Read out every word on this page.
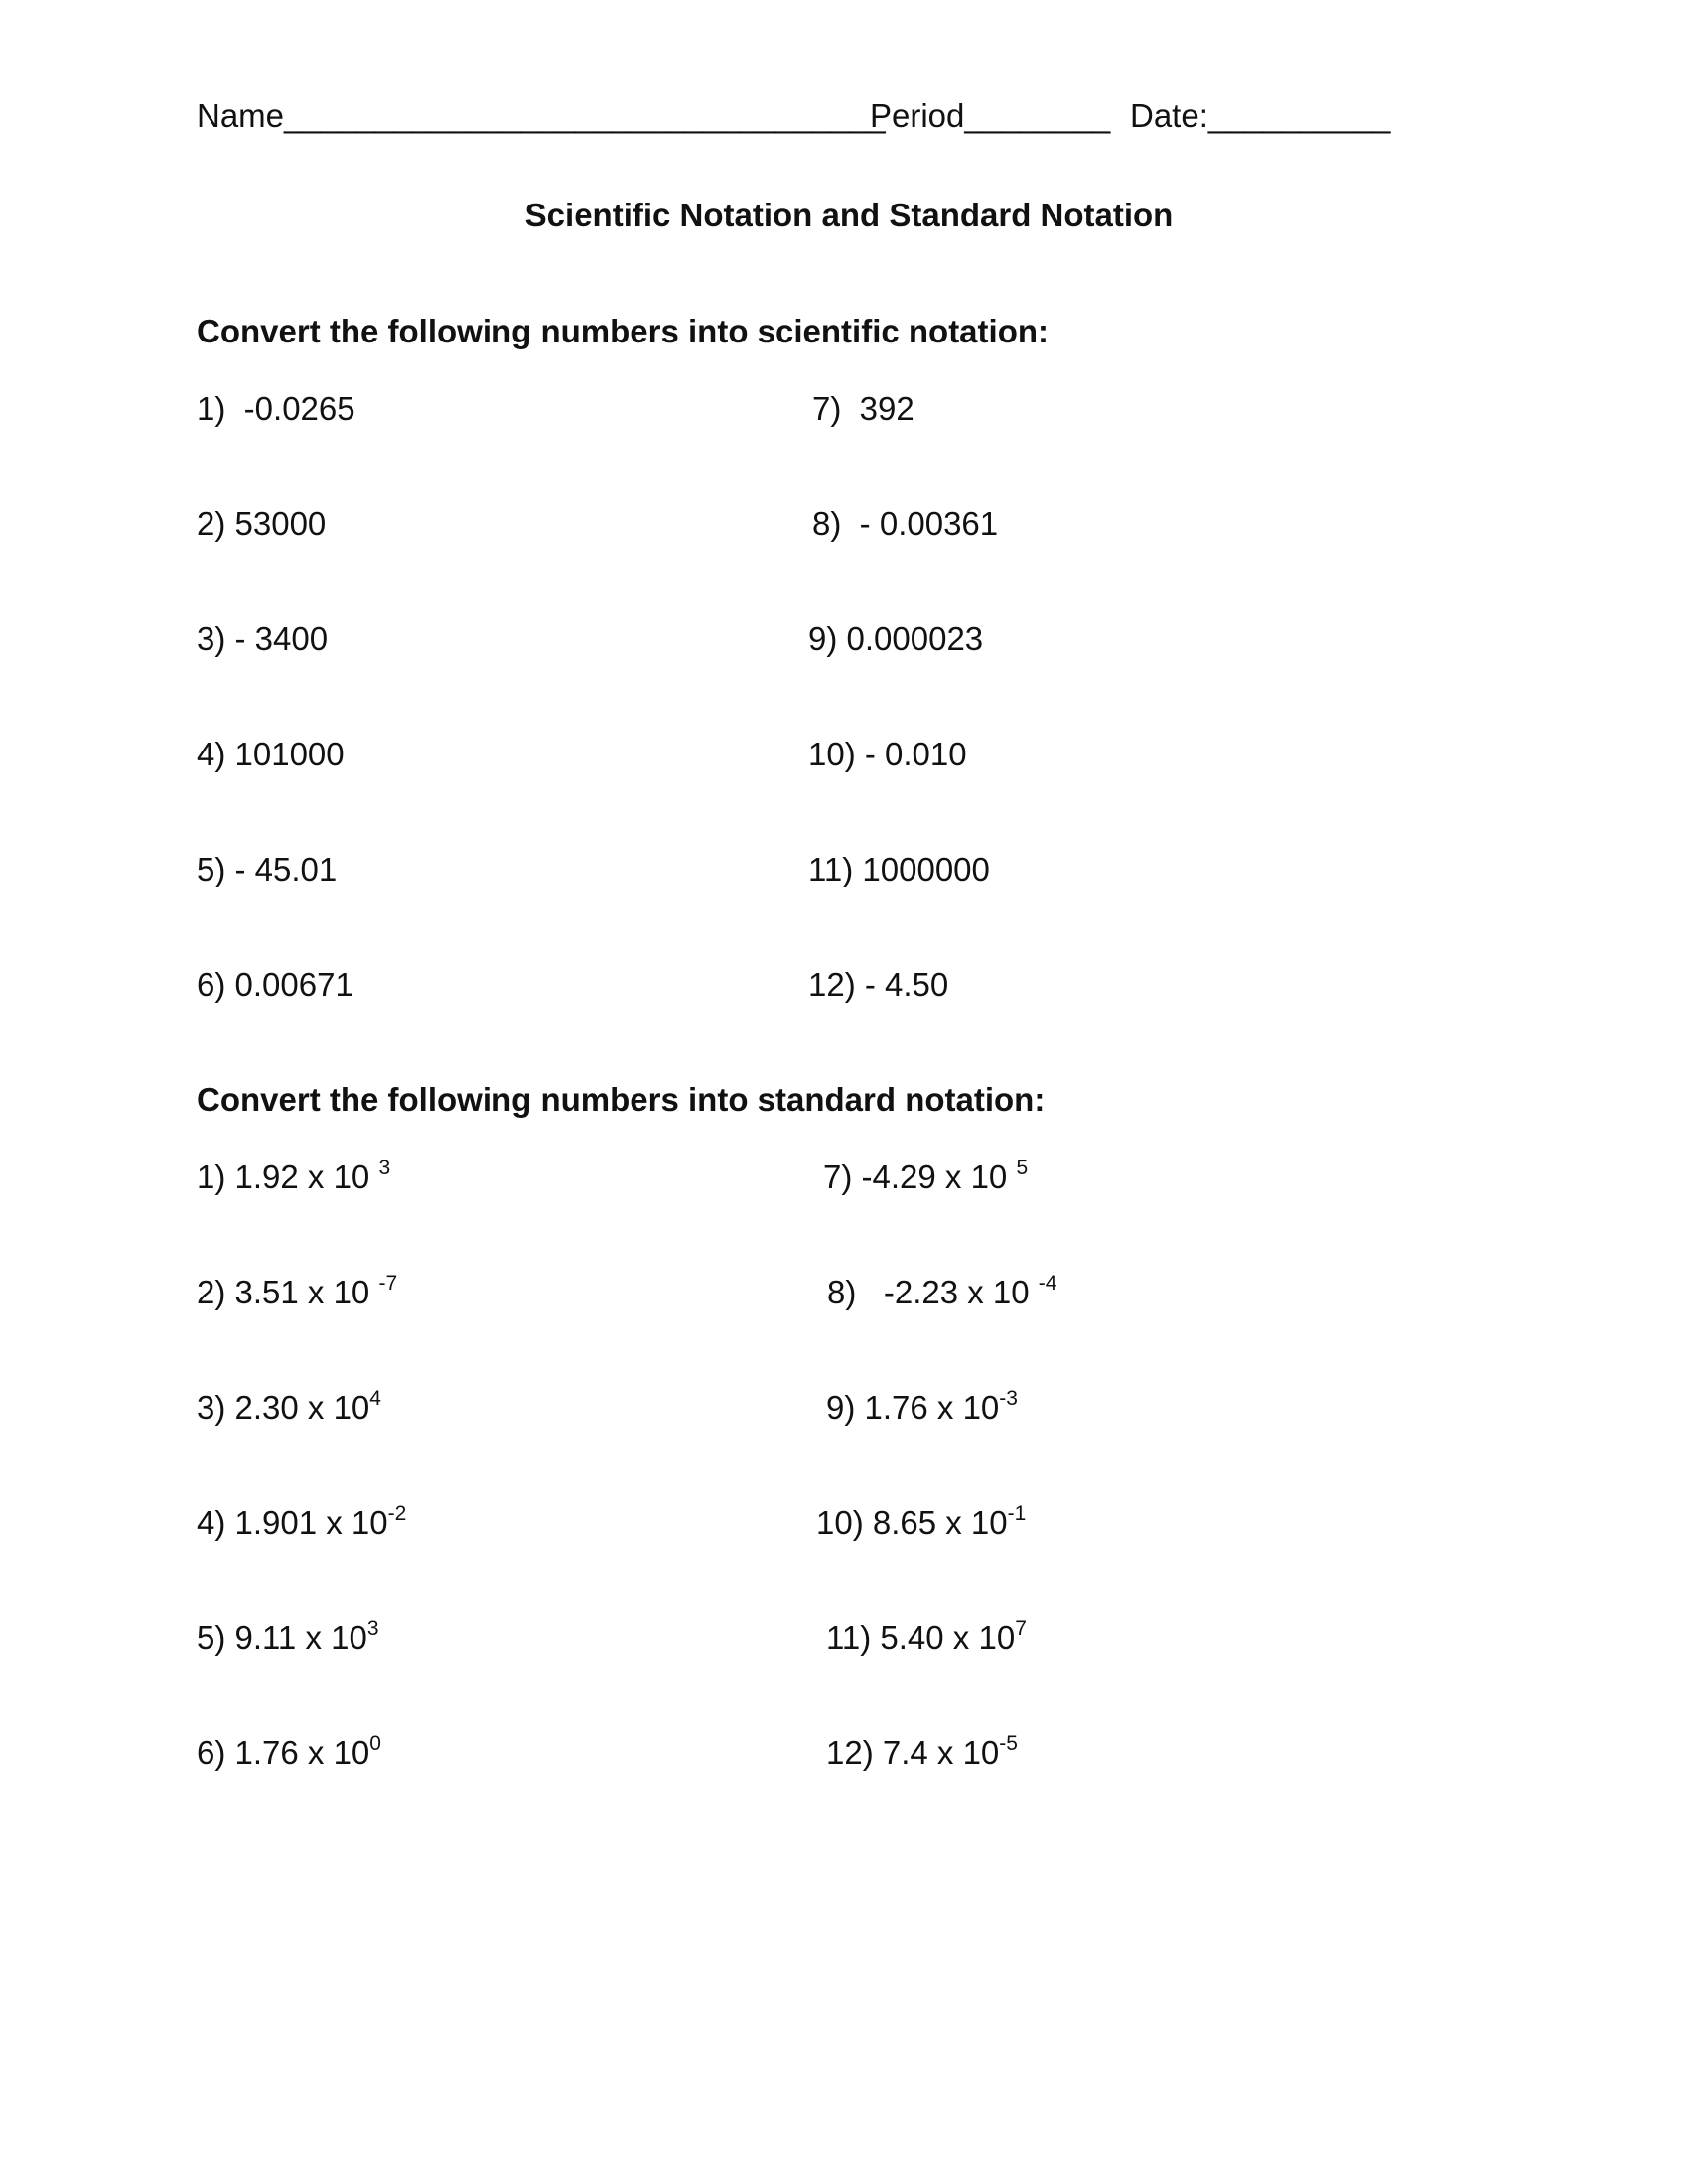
Name_________________________________
Period________ Date:__________
Scientific Notation and Standard Notation
Convert the following numbers into scientific notation:
1)  -0.0265
2) 53000
3) - 3400
4) 101000
5) - 45.01
6) 0.00671
7)  392
8)  - 0.00361
9) 0.000023
10) - 0.010
11) 1000000
12) - 4.50
Convert the following numbers into standard notation:
1) 1.92 x 10 $^3$
2) 3.51 x 10 $^{-7}$
3) 2.30 x $10^4$
4) 1.901 x $10^{-2}$
5) 9.11 x $10^3$
6) 1.76 x $10^0$
7) -4.29 x 10 $^5$
8)   -2.23 x 10 $^{-4}$
9) 1.76 x $10^{-3}$
10) 8.65 x $10^{-1}$
11) 5.40 x $10^7$
12) 7.4 x $10^{-5}$
